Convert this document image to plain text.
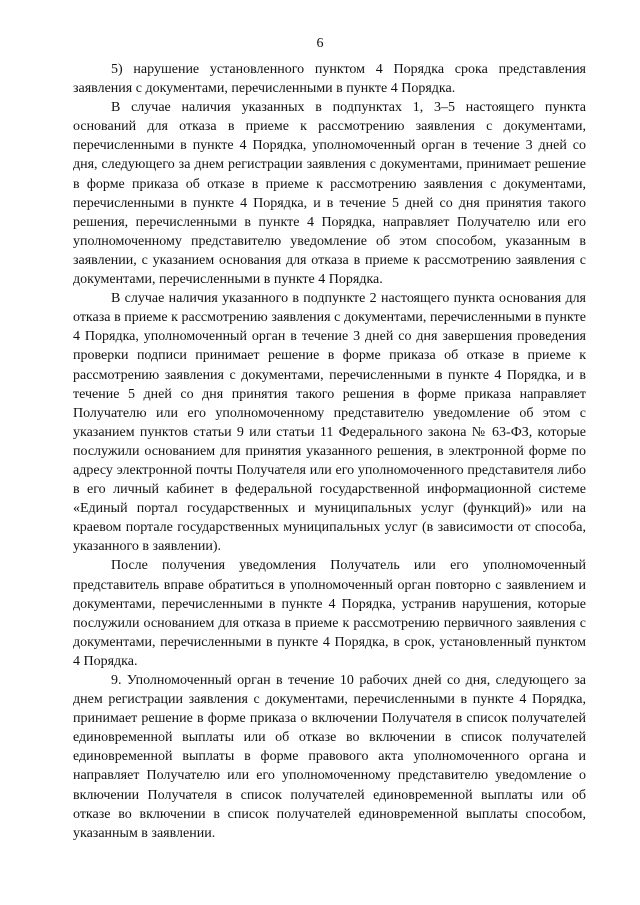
6

5) нарушение установленного пунктом 4 Порядка срока представления заявления с документами, перечисленными в пункте 4 Порядка.

В случае наличия указанных в подпунктах 1, 3–5 настоящего пункта оснований для отказа в приеме к рассмотрению заявления с документами, перечисленными в пункте 4 Порядка, уполномоченный орган в течение 3 дней со дня, следующего за днем регистрации заявления с документами, принимает решение в форме приказа об отказе в приеме к рассмотрению заявления с документами, перечисленными в пункте 4 Порядка, и в течение 5 дней со дня принятия такого решения, перечисленными в пункте 4 Порядка, направляет Получателю или его уполномоченному представителю уведомление об этом способом, указанным в заявлении, с указанием основания для отказа в приеме к рассмотрению заявления с документами, перечисленными в пункте 4 Порядка.

В случае наличия указанного в подпункте 2 настоящего пункта основания для отказа в приеме к рассмотрению заявления с документами, перечисленными в пункте 4 Порядка, уполномоченный орган в течение 3 дней со дня завершения проведения проверки подписи принимает решение в форме приказа об отказе в приеме к рассмотрению заявления с документами, перечисленными в пункте 4 Порядка, и в течение 5 дней со дня принятия такого решения в форме приказа направляет Получателю или его уполномоченному представителю уведомление об этом с указанием пунктов статьи 9 или статьи 11 Федерального закона № 63-ФЗ, которые послужили основанием для принятия указанного решения, в электронной форме по адресу электронной почты Получателя или его уполномоченного представителя либо в его личный кабинет в федеральной государственной информационной системе «Единый портал государственных и муниципальных услуг (функций)» или на краевом портале государственных муниципальных услуг (в зависимости от способа, указанного в заявлении).

После получения уведомления Получатель или его уполномоченный представитель вправе обратиться в уполномоченный орган повторно с заявлением и документами, перечисленными в пункте 4 Порядка, устранив нарушения, которые послужили основанием для отказа в приеме к рассмотрению первичного заявления с документами, перечисленными в пункте 4 Порядка, в срок, установленный пунктом 4 Порядка.

9. Уполномоченный орган в течение 10 рабочих дней со дня, следующего за днем регистрации заявления с документами, перечисленными в пункте 4 Порядка, принимает решение в форме приказа о включении Получателя в список получателей единовременной выплаты или об отказе во включении в список получателей единовременной выплаты в форме правового акта уполномоченного органа и направляет Получателю или его уполномоченному представителю уведомление о включении Получателя в список получателей единовременной выплаты или об отказе во включении в список получателей единовременной выплаты способом, указанным в заявлении.
